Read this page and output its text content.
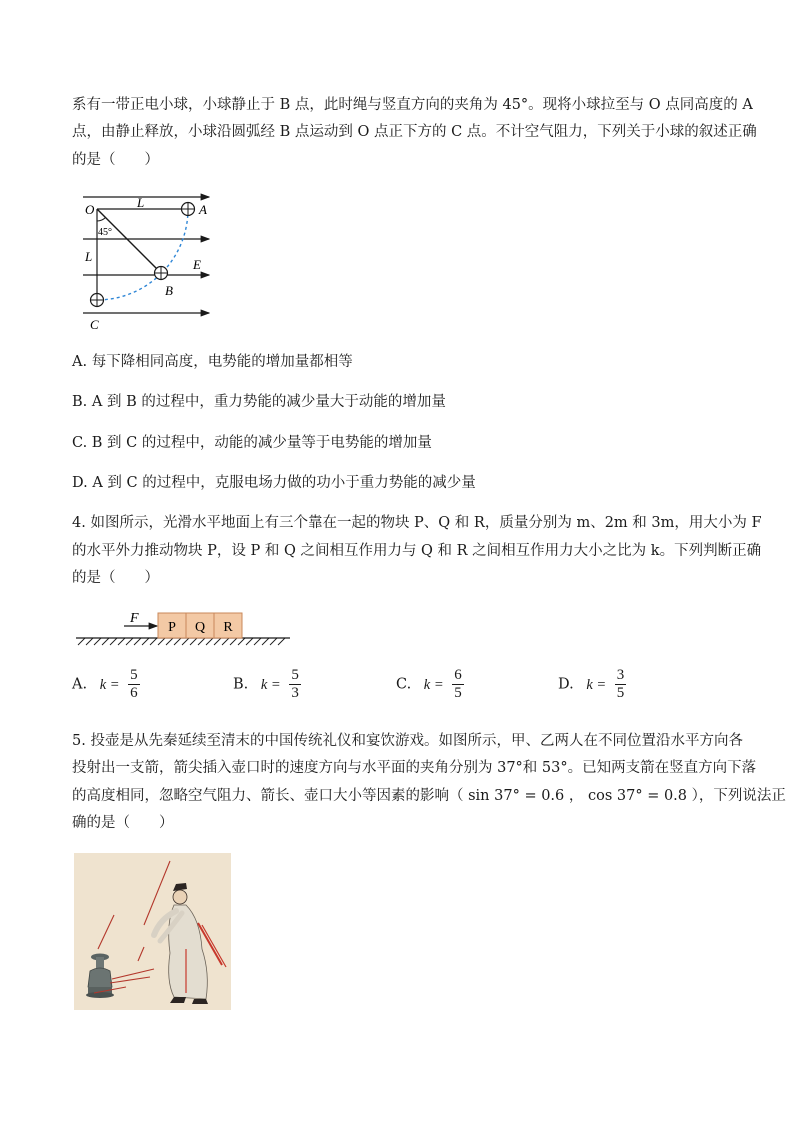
系有一带正电小球，小球静止于 B 点，此时绳与竖直方向的夹角为 45°。现将小球拉至与 O 点同高度的 A
点，由静止释放，小球沿圆弧经 B 点运动到 O 点正下方的 C 点。不计空气阻力，下列关于小球的叙述正确
的是（　　）
O	L	A
45°
L
E
B
C
A. 每下降相同高度，电势能的增加量都相等
B. A 到 B 的过程中，重力势能的减少量大于动能的增加量
C. B 到 C 的过程中，动能的减少量等于电势能的增加量
D. A 到 C 的过程中，克服电场力做的功小于重力势能的减少量
4. 如图所示，光滑水平地面上有三个靠在一起的物块 P、Q 和 R，质量分别为 m、2m 和 3m，用大小为 F
的水平外力推动物块 P，设 P 和 Q 之间相互作用力与 Q 和 R 之间相互作用力大小之比为 k。下列判断正确
的是（　　）
F
P Q R
A. $k = \frac{5}{6}$	B. $k = \frac{5}{3}$	C. $k = \frac{6}{5}$	D. $k = \frac{3}{5}$
5. 投壶是从先秦延续至清末的中国传统礼仪和宴饮游戏。如图所示，甲、乙两人在不同位置沿水平方向各
投射出一支箭，箭尖插入壶口时的速度方向与水平面的夹角分别为 37°和 53°。已知两支箭在竖直方向下落
的高度相同，忽略空气阻力、箭长、壶口大小等因素的影响（ sin 37° = 0.6 ， cos 37° = 0.8 ），下列说法正
确的是（　　）
